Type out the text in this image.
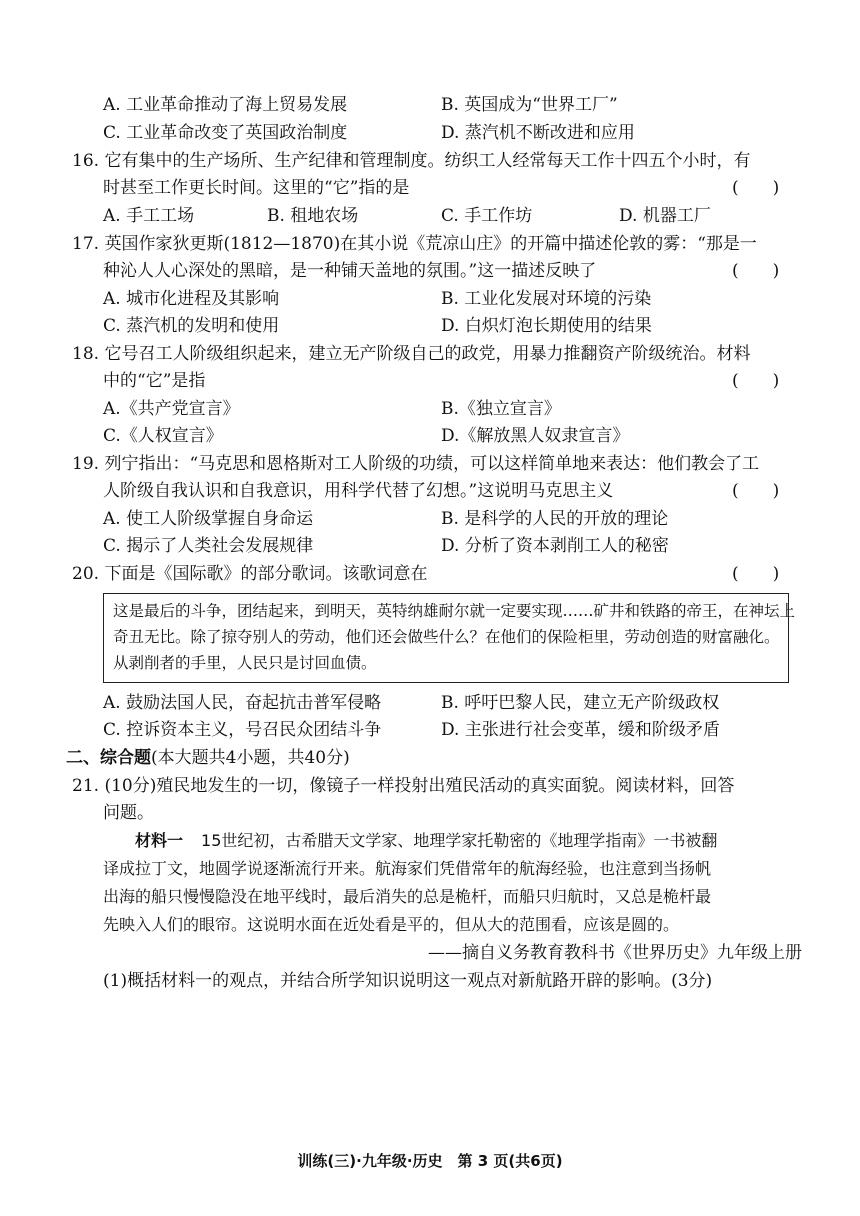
A. 工业革命推动了海上贸易发展	B. 英国成为“世界工厂”
C. 工业革命改变了英国政治制度	D. 蒸汽机不断改进和应用
16. 它有集中的生产场所、生产纪律和管理制度。纺织工人经常每天工作十四五个小时，有
时甚至工作更长时间。这里的“它”指的是	(　　)
A. 手工工场	B. 租地农场	C. 手工作坊	D. 机器工厂
17. 英国作家狄更斯(1812—1870)在其小说《荒凉山庄》的开篇中描述伦敦的雾：“那是一
种沁人人心深处的黑暗，是一种铺天盖地的氛围。”这一描述反映了	(　　)
A. 城市化进程及其影响	B. 工业化发展对环境的污染
C. 蒸汽机的发明和使用	D. 白炽灯泡长期使用的结果
18. 它号召工人阶级组织起来，建立无产阶级自己的政党，用暴力推翻资产阶级统治。材料
中的“它”是指	(　　)
A.《共产党宣言》	B.《独立宣言》
C.《人权宣言》	D.《解放黑人奴隶宣言》
19. 列宁指出：“马克思和恩格斯对工人阶级的功绩，可以这样简单地来表达：他们教会了工
人阶级自我认识和自我意识，用科学代替了幻想。”这说明马克思主义	(　　)
A. 使工人阶级掌握自身命运	B. 是科学的人民的开放的理论
C. 揭示了人类社会发展规律	D. 分析了资本剥削工人的秘密
20. 下面是《国际歌》的部分歌词。该歌词意在	(　　)
这是最后的斗争，团结起来，到明天，英特纳雄耐尔就一定要实现……矿井和铁路的帝王，在神坛上
奇丑无比。除了掠夺别人的劳动，他们还会做些什么？在他们的保险柜里，劳动创造的财富融化。
从剥削者的手里，人民只是讨回血债。
A. 鼓励法国人民，奋起抗击普军侵略	B. 呼吁巴黎人民，建立无产阶级政权
C. 控诉资本主义，号召民众团结斗争	D. 主张进行社会变革，缓和阶级矛盾
二、综合题(本大题共4小题，共40分)
21. (10分)殖民地发生的一切，像镜子一样投射出殖民活动的真实面貌。阅读材料，回答
问题。
材料一 15世纪初，古希腊天文学家、地理学家托勒密的《地理学指南》一书被翻
译成拉丁文，地圆学说逐渐流行开来。航海家们凭借常年的航海经验，也注意到当扬帆
出海的船只慢慢隐没在地平线时，最后消失的总是桅杆，而船只归航时，又总是桅杆最
先映入人们的眼帘。这说明水面在近处看是平的，但从大的范围看，应该是圆的。
——摘自义务教育教科书《世界历史》九年级上册
(1)概括材料一的观点，并结合所学知识说明这一观点对新航路开辟的影响。(3分)
训练(三)·九年级·历史　第 3 页(共6页)
